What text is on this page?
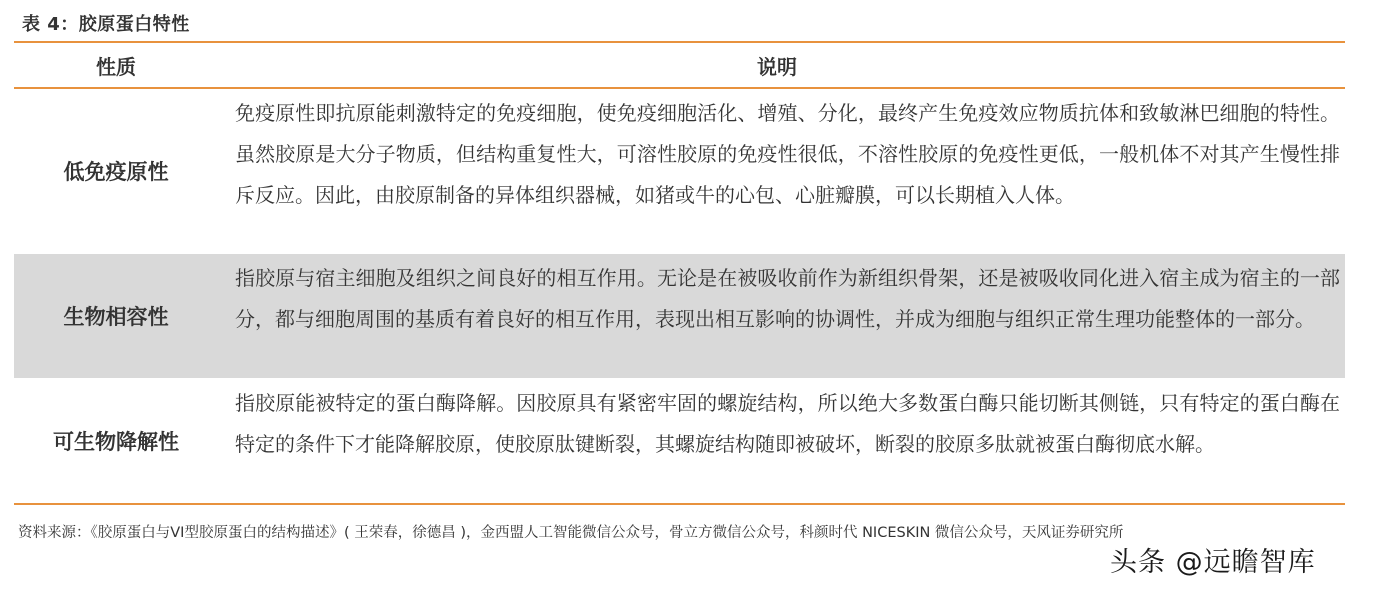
表 4：胶原蛋白特性
性质	说明
低免疫原性
免疫原性即抗原能刺激特定的免疫细胞，使免疫细胞活化、增殖、分化，最终产生免疫效应物质抗体和致敏淋巴细胞的特性。虽然胶原是大分子物质，但结构重复性大，可溶性胶原的免疫性很低，不溶性胶原的免疫性更低，一般机体不对其产生慢性排斥反应。因此，由胶原制备的异体组织器械，如猪或牛的心包、心脏瓣膜，可以长期植入人体。
生物相容性
指胶原与宿主细胞及组织之间良好的相互作用。无论是在被吸收前作为新组织骨架，还是被吸收同化进入宿主成为宿主的一部分，都与细胞周围的基质有着良好的相互作用，表现出相互影响的协调性，并成为细胞与组织正常生理功能整体的一部分。
可生物降解性
指胶原能被特定的蛋白酶降解。因胶原具有紧密牢固的螺旋结构，所以绝大多数蛋白酶只能切断其侧链，只有特定的蛋白酶在特定的条件下才能降解胶原，使胶原肽键断裂，其螺旋结构随即被破坏，断裂的胶原多肽就被蛋白酶彻底水解。
资料来源：《胶原蛋白与VI型胶原蛋白的结构描述》( 王荣春，徐德昌 )，金西盟人工智能微信公众号，骨立方微信公众号，科颜时代 NICESKIN 微信公众号，天风证券研究所
头条 @远瞻智库
